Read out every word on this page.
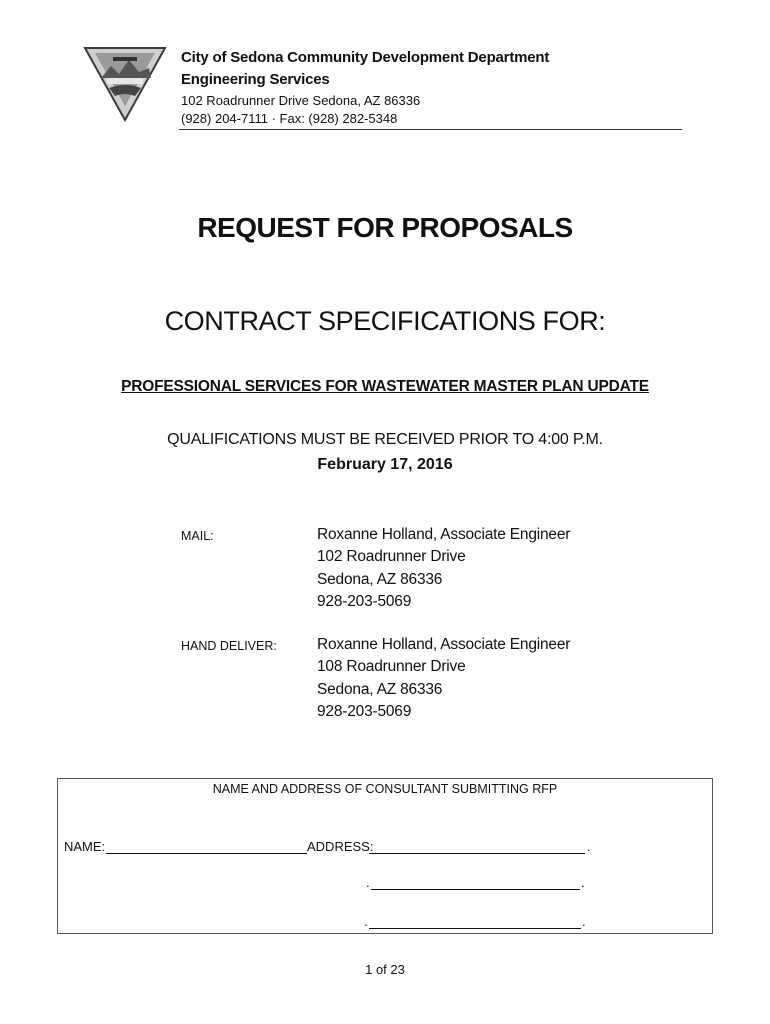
City of Sedona Community Development Department
Engineering Services
102 Roadrunner Drive Sedona, AZ 86336
(928) 204-7111 · Fax: (928) 282-5348
REQUEST FOR PROPOSALS
CONTRACT SPECIFICATIONS FOR:
PROFESSIONAL SERVICES FOR WASTEWATER MASTER PLAN UPDATE
QUALIFICATIONS MUST BE RECEIVED PRIOR TO 4:00 P.M.
February 17, 2016
MAIL:	Roxanne Holland, Associate Engineer
102 Roadrunner Drive
Sedona, AZ 86336
928-203-5069
HAND DELIVER:	Roxanne Holland, Associate Engineer
108 Roadrunner Drive
Sedona, AZ 86336
928-203-5069
NAME AND ADDRESS OF CONSULTANT SUBMITTING RFP
NAME:	ADDRESS:	.
.	.
.	.
1 of 23
